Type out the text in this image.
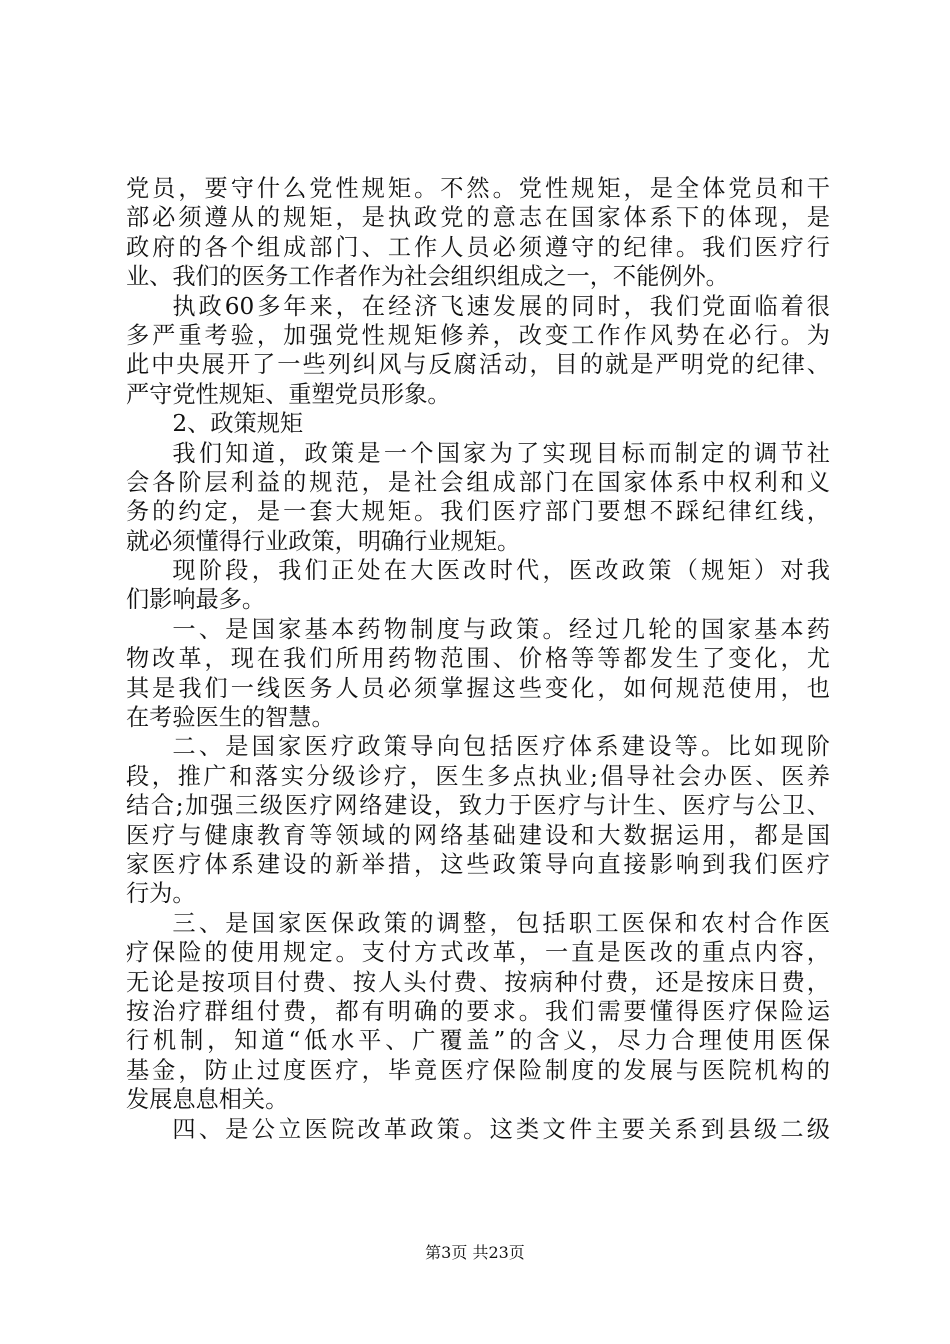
党员，要守什么党性规矩。不然。党性规矩，是全体党员和干
部必须遵从的规矩，是执政党的意志在国家体系下的体现，是
政府的各个组成部门、工作人员必须遵守的纪律。我们医疗行
业、我们的医务工作者作为社会组织组成之一，不能例外。
执政60多年来，在经济飞速发展的同时，我们党面临着很
多严重考验，加强党性规矩修养，改变工作作风势在必行。为
此中央展开了一些列纠风与反腐活动，目的就是严明党的纪律、
严守党性规矩、重塑党员形象。
2、政策规矩
我们知道，政策是一个国家为了实现目标而制定的调节社
会各阶层利益的规范，是社会组成部门在国家体系中权利和义
务的约定，是一套大规矩。我们医疗部门要想不踩纪律红线，
就必须懂得行业政策，明确行业规矩。
现阶段，我们正处在大医改时代，医改政策（规矩）对我
们影响最多。
一、是国家基本药物制度与政策。经过几轮的国家基本药
物改革，现在我们所用药物范围、价格等等都发生了变化，尤
其是我们一线医务人员必须掌握这些变化，如何规范使用，也
在考验医生的智慧。
二、是国家医疗政策导向包括医疗体系建设等。比如现阶
段，推广和落实分级诊疗，医生多点执业;倡导社会办医、医养
结合;加强三级医疗网络建设，致力于医疗与计生、医疗与公卫、
医疗与健康教育等领域的网络基础建设和大数据运用，都是国
家医疗体系建设的新举措，这些政策导向直接影响到我们医疗
行为。
三、是国家医保政策的调整，包括职工医保和农村合作医
疗保险的使用规定。支付方式改革，一直是医改的重点内容，
无论是按项目付费、按人头付费、按病种付费，还是按床日费，
按治疗群组付费，都有明确的要求。我们需要懂得医疗保险运
行机制，知道“低水平、广覆盖”的含义，尽力合理使用医保
基金，防止过度医疗，毕竟医疗保险制度的发展与医院机构的
发展息息相关。
四、是公立医院改革政策。这类文件主要关系到县级二级
第3页 共23页
